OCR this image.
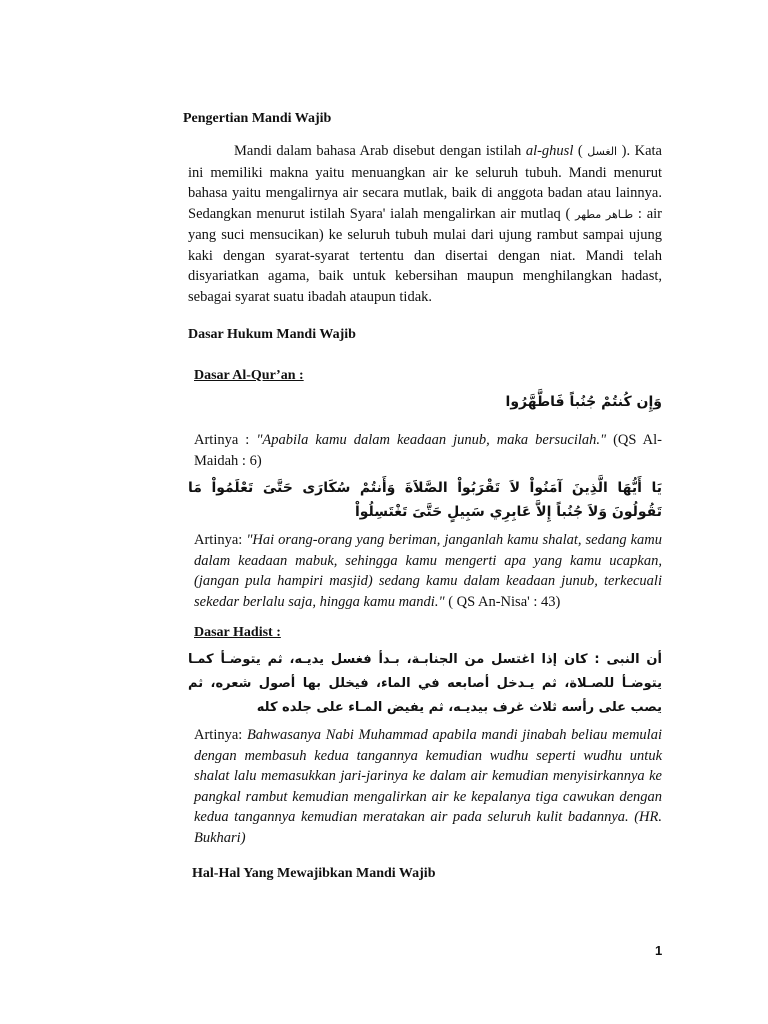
Pengertian Mandi Wajib
Mandi dalam bahasa Arab disebut dengan istilah al-ghusl ( الغسل ). Kata ini memiliki makna yaitu menuangkan air ke seluruh tubuh. Mandi menurut bahasa yaitu mengalirnya air secara mutlak, baik di anggota badan atau lainnya. Sedangkan menurut istilah Syara' ialah mengalirkan air mutlaq ( طـاهر مطهر : air yang suci mensucikan) ke seluruh tubuh mulai dari ujung rambut sampai ujung kaki dengan syarat-syarat tertentu dan disertai dengan niat. Mandi telah disyariatkan agama, baik untuk kebersihan maupun menghilangkan hadast, sebagai syarat suatu ibadah ataupun tidak.
Dasar Hukum Mandi Wajib
Dasar Al-Qur’an :
وَإِن كُنتُمْ جُنُباً فَاطَّهَّرُوا
Artinya : "Apabila kamu dalam keadaan junub, maka bersucilah." (QS Al-Maidah : 6)
يَا أَيُّهَا الَّذِينَ آمَنُواْ لاَ تَقْرَبُواْ الصَّلاَةَ وَأَنتُمْ سُكَارَى حَتَّىَ تَعْلَمُواْ مَا تَقُولُونَ وَلاَ جُنُباً إِلاَّ عَابِرِي سَبِيلٍ حَتَّىَ تَغْتَسِلُواْ
Artinya: "Hai orang-orang yang beriman, janganlah kamu shalat, sedang kamu dalam keadaan mabuk, sehingga kamu mengerti apa yang kamu ucapkan, (jangan pula hampiri masjid) sedang kamu dalam keadaan junub, terkecuali sekedar berlalu saja, hingga kamu mandi." ( QS An-Nisa' : 43)
Dasar Hadist :
أن النبى : كان إذا اغتسل من الجنابـة، بـدأ فغسل يديـه، ثم يتوضـأ كمـا يتوضـأ للصـلاة، ثم يـدخل أصابعه في الماء، فيخلل بها أصول شعره، ثم يصب على رأسه ثلاث غرف بيديـه، ثم يفيض المـاء على جلده كله
Artinya: Bahwasanya Nabi Muhammad apabila mandi jinabah beliau memulai dengan membasuh kedua tangannya kemudian wudhu seperti wudhu untuk shalat lalu memasukkan jari-jarinya ke dalam air kemudian menyisirkannya ke pangkal rambut kemudian mengalirkan air ke kepalanya tiga cawukan dengan kedua tangannya kemudian meratakan air pada seluruh kulit badannya. (HR. Bukhari)
Hal-Hal Yang Mewajibkan Mandi Wajib
1
